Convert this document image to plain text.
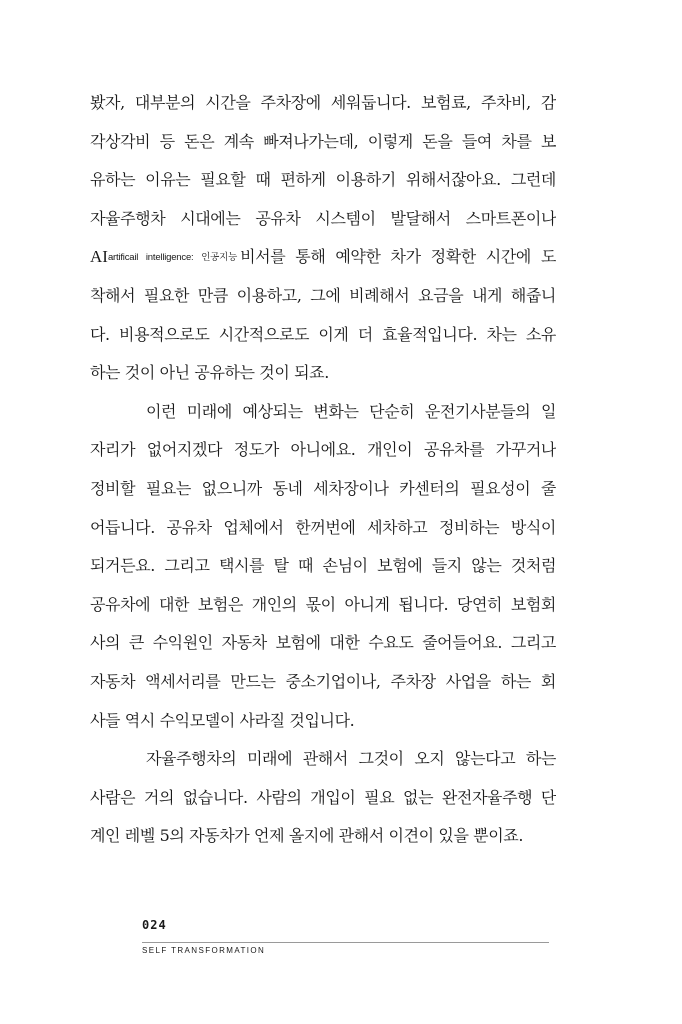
봤자, 대부분의 시간을 주차장에 세워둡니다. 보험료, 주차비, 감
각상각비 등 돈은 계속 빠져나가는데, 이렇게 돈을 들여 차를 보
유하는 이유는 필요할 때 편하게 이용하기 위해서잖아요. 그런데
자율주행차 시대에는 공유차 시스템이 발달해서 스마트폰이나
AIartificail intelligence: 인공지능 비서를 통해 예약한 차가 정확한 시간에 도
착해서 필요한 만큼 이용하고, 그에 비례해서 요금을 내게 해줍니
다. 비용적으로도 시간적으로도 이게 더 효율적입니다. 차는 소유
하는 것이 아닌 공유하는 것이 되죠.
이런 미래에 예상되는 변화는 단순히 운전기사분들의 일
자리가 없어지겠다 정도가 아니에요. 개인이 공유차를 가꾸거나
정비할 필요는 없으니까 동네 세차장이나 카센터의 필요성이 줄
어듭니다. 공유차 업체에서 한꺼번에 세차하고 정비하는 방식이
되거든요. 그리고 택시를 탈 때 손님이 보험에 들지 않는 것처럼
공유차에 대한 보험은 개인의 몫이 아니게 됩니다. 당연히 보험회
사의 큰 수익원인 자동차 보험에 대한 수요도 줄어들어요. 그리고
자동차 액세서리를 만드는 중소기업이나, 주차장 사업을 하는 회
사들 역시 수익모델이 사라질 것입니다.
자율주행차의 미래에 관해서 그것이 오지 않는다고 하는
사람은 거의 없습니다. 사람의 개입이 필요 없는 완전자율주행 단
계인 레벨 5의 자동차가 언제 올지에 관해서 이견이 있을 뿐이죠.
024
SELF TRANSFORMATION
